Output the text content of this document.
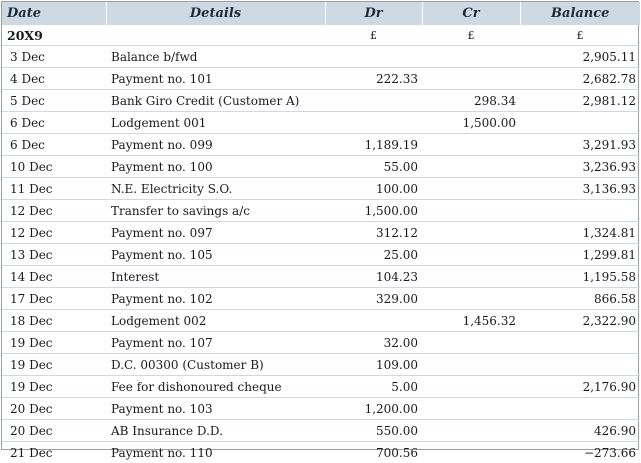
Date	Details	Dr	Cr	Balance
20X9		£	£	£
3 Dec	Balance b/fwd			2,905.11
4 Dec	Payment no. 101	222.33		2,682.78
5 Dec	Bank Giro Credit (Customer A)		298.34	2,981.12
6 Dec	Lodgement 001		1,500.00	
6 Dec	Payment no. 099	1,189.19		3,291.93
10 Dec	Payment no. 100	55.00		3,236.93
11 Dec	N.E. Electricity S.O.	100.00		3,136.93
12 Dec	Transfer to savings a/c	1,500.00		
12 Dec	Payment no. 097	312.12		1,324.81
13 Dec	Payment no. 105	25.00		1,299.81
14 Dec	Interest	104.23		1,195.58
17 Dec	Payment no. 102	329.00		866.58
18 Dec	Lodgement 002		1,456.32	2,322.90
19 Dec	Payment no. 107	32.00		
19 Dec	D.C. 00300 (Customer B)	109.00		
19 Dec	Fee for dishonoured cheque	5.00		2,176.90
20 Dec	Payment no. 103	1,200.00		
20 Dec	AB Insurance D.D.	550.00		426.90
21 Dec	Payment no. 110	700.56		−273.66
